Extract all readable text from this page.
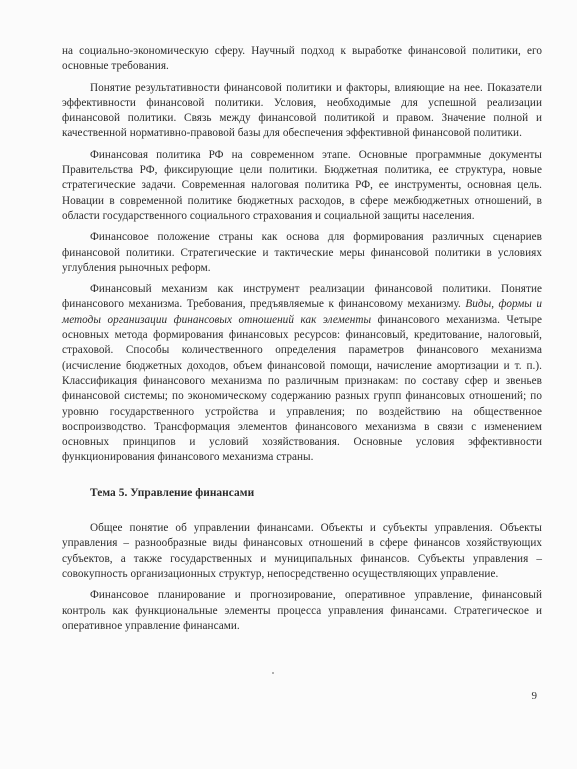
на социально-экономическую сферу. Научный подход к выработке финансовой политики, его основные требования.

Понятие результативности финансовой политики и факторы, влияющие на нее. Показатели эффективности финансовой политики. Условия, необходимые для успешной реализации финансовой политики. Связь между финансовой политикой и правом. Значение полной и качественной нормативно-правовой базы для обеспечения эффективной финансовой политики.

Финансовая политика РФ на современном этапе. Основные программные документы Правительства РФ, фиксирующие цели политики. Бюджетная политика, ее структура, новые стратегические задачи. Современная налоговая политика РФ, ее инструменты, основная цель. Новации в современной политике бюджетных расходов, в сфере межбюджетных отношений, в области государственного социального страхования и социальной защиты населения.

Финансовое положение страны как основа для формирования различных сценариев финансовой политики. Стратегические и тактические меры финансовой политики в условиях углубления рыночных реформ.

Финансовый механизм как инструмент реализации финансовой политики. Понятие финансового механизма. Требования, предъявляемые к финансовому механизму. Виды, формы и методы организации финансовых отношений как элементы финансового механизма. Четыре основных метода формирования финансовых ресурсов: финансовый, кредитование, налоговый, страховой. Способы количественного определения параметров финансового механизма (исчисление бюджетных доходов, объем финансовой помощи, начисление амортизации и т. п.). Классификация финансового механизма по различным признакам: по составу сфер и звеньев финансовой системы; по экономическому содержанию разных групп финансовых отношений; по уровню государственного устройства и управления; по воздействию на общественное воспроизводство. Трансформация элементов финансового механизма в связи с изменением основных принципов и условий хозяйствования. Основные условия эффективности функционирования финансового механизма страны.

Тема 5. Управление финансами

Общее понятие об управлении финансами. Объекты и субъекты управления. Объекты управления – разнообразные виды финансовых отношений в сфере финансов хозяйствующих субъектов, а также государственных и муниципальных финансов. Субъекты управления – совокупность организационных структур, непосредственно осуществляющих управление.

Финансовое планирование и прогнозирование, оперативное управление, финансовый контроль как функциональные элементы процесса управления финансами. Стратегическое и оперативное управление финансами.

9
